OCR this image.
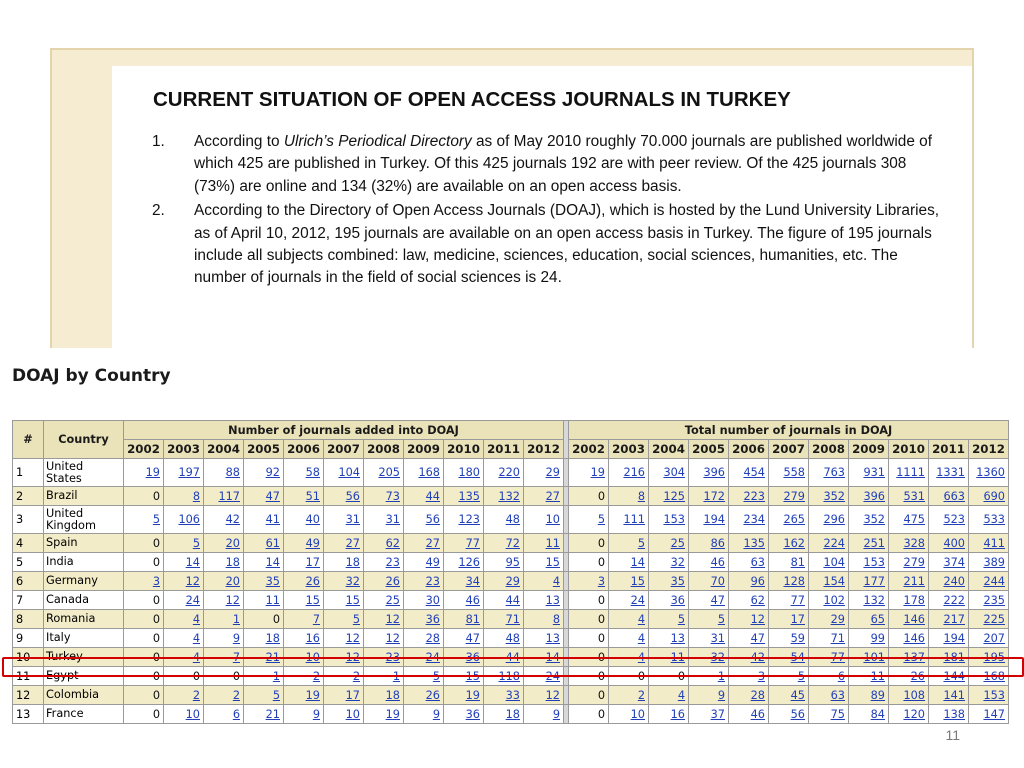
CURRENT SITUATION OF OPEN ACCESS JOURNALS IN TURKEY
1. According to Ulrich’s Periodical Directory as of May 2010 roughly 70.000 journals are published worldwide of which 425 are published in Turkey. Of this 425 journals 192 are with peer review. Of the 425 journals 308 (73%) are online and 134 (32%) are available on an open access basis.
2. According to the Directory of Open Access Journals (DOAJ), which is hosted by the Lund University Libraries, as of April 10, 2012, 195 journals are available on an open access basis in Turkey. The figure of 195 journals include all subjects combined: law, medicine, sciences, education, social sciences, humanities, etc. The number of journals in the field of social sciences is 24.
DOAJ by Country
#	Country	Number of journals added into DOAJ												Total number of journals in DOAJ										
		2002	2003	2004	2005	2006	2007	2008	2009	2010	2011	2012		2002	2003	2004	2005	2006	2007	2008	2009	2010	2011	2012
1	United States	19	197	88	92	58	104	205	168	180	220	29		19	216	304	396	454	558	763	931	1111	1331	1360
2	Brazil	0	8	117	47	51	56	73	44	135	132	27		0	8	125	172	223	279	352	396	531	663	690
3	United Kingdom	5	106	42	41	40	31	31	56	123	48	10		5	111	153	194	234	265	296	352	475	523	533
4	Spain	0	5	20	61	49	27	62	27	77	72	11		0	5	25	86	135	162	224	251	328	400	411
5	India	0	14	18	14	17	18	23	49	126	95	15		0	14	32	46	63	81	104	153	279	374	389
6	Germany	3	12	20	35	26	32	26	23	34	29	4		3	15	35	70	96	128	154	177	211	240	244
7	Canada	0	24	12	11	15	15	25	30	46	44	13		0	24	36	47	62	77	102	132	178	222	235
8	Romania	0	4	1	0	7	5	12	36	81	71	8		0	4	5	5	12	17	29	65	146	217	225
9	Italy	0	4	9	18	16	12	12	28	47	48	13		0	4	13	31	47	59	71	99	146	194	207
10	Turkey	0	4	7	21	10	12	23	24	36	44	14		0	4	11	32	42	54	77	101	137	181	195
11	Egypt	0	0	0	1	2	2	1	5	15	118	24		0	0	0	1	3	5	6	11	26	144	168
12	Colombia	0	2	2	5	19	17	18	26	19	33	12		0	2	4	9	28	45	63	89	108	141	153
13	France	0	10	6	21	9	10	19	9	36	18	9		0	10	16	37	46	56	75	84	120	138	147
11
